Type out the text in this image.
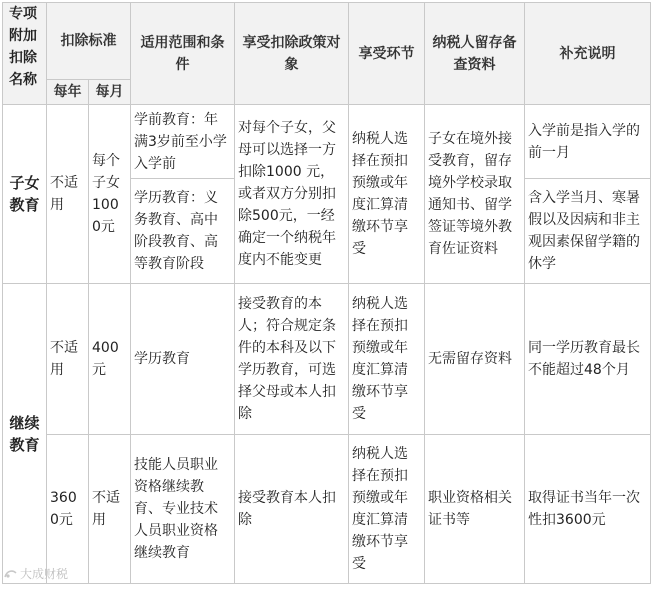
专项附加扣除名称	扣除标准		适用范围和条件	享受扣除政策对象	享受环节	纳税人留存备查资料	补充说明
	每年	每月					
子女教育	不适用	每个子女1000元	学前教育：年满3岁前至小学入学前	对每个子女，父母可以选择一方扣除1000 元，或者双方分别扣除500元，一经确定一个纳税年度内不能变更	纳税人选择在预扣预缴或年度汇算清缴环节享受	子女在境外接受教育，留存境外学校录取通知书、留学签证等境外教育佐证资料	入学前是指入学的前一月
			学历教育：义务教育、高中阶段教育、高等教育阶段				含入学当月、寒暑假以及因病和非主观因素保留学籍的休学
继续教育	不适用	400元	学历教育	接受教育的本人；符合规定条件的本科及以下学历教育，可选择父母或本人扣除	纳税人选择在预扣预缴或年度汇算清缴环节享受	无需留存资料	同一学历教育最长不能超过48个月
	3600元	不适用	技能人员职业资格继续教育、专业技术人员职业资格继续教育	接受教育本人扣除	纳税人选择在预扣预缴或年度汇算清缴环节享受	职业资格相关证书等	取得证书当年一次性扣3600元
大成财税
